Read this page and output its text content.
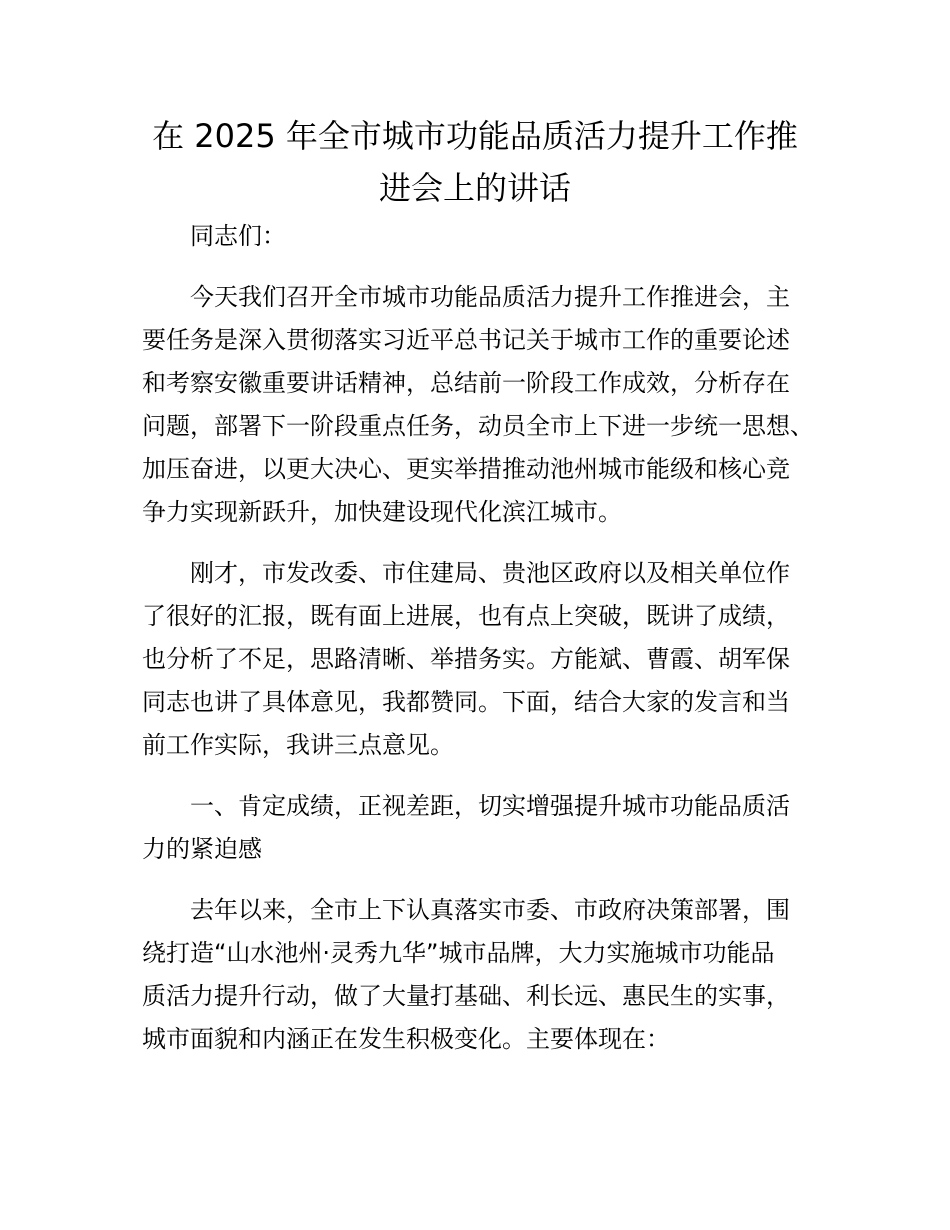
在 2025 年全市城市功能品质活力提升工作推
进会上的讲话

同志们：

今天我们召开全市城市功能品质活力提升工作推进会，主
要任务是深入贯彻落实习近平总书记关于城市工作的重要论述
和考察安徽重要讲话精神，总结前一阶段工作成效，分析存在
问题，部署下一阶段重点任务，动员全市上下进一步统一思想、
加压奋进，以更大决心、更实举措推动池州城市能级和核心竞
争力实现新跃升，加快建设现代化滨江城市。

刚才，市发改委、市住建局、贵池区政府以及相关单位作
了很好的汇报，既有面上进展，也有点上突破，既讲了成绩，
也分析了不足，思路清晰、举措务实。方能斌、曹霞、胡军保
同志也讲了具体意见，我都赞同。下面，结合大家的发言和当
前工作实际，我讲三点意见。

一、肯定成绩，正视差距，切实增强提升城市功能品质活
力的紧迫感

去年以来，全市上下认真落实市委、市政府决策部署，围
绕打造“山水池州·灵秀九华”城市品牌，大力实施城市功能品
质活力提升行动，做了大量打基础、利长远、惠民生的实事，
城市面貌和内涵正在发生积极变化。主要体现在：
